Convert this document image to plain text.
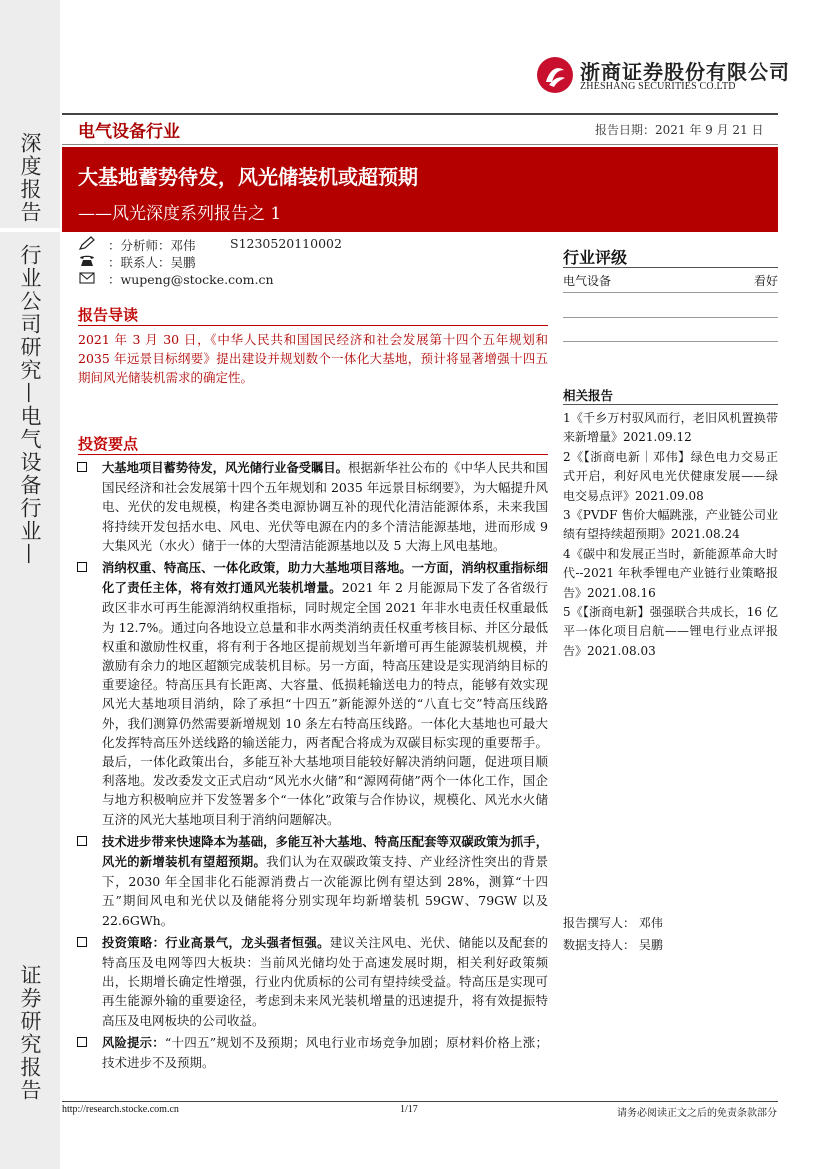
深度报告
行业公司研究—电气设备行业—
证券研究报告
浙商证券股份有限公司
ZHESHANG SECURITIES CO.LTD
电气设备行业	报告日期：2021 年 9 月 21 日
大基地蓄势待发，风光储装机或超预期
——风光深度系列报告之 1
：分析师：邓伟	S1230520110002
：联系人：吴鹏
：wupeng@stocke.com.cn
行业评级
电气设备	看好
报告导读
2021 年 3 月 30 日，《中华人民共和国国民经济和社会发展第十四个五年规划和 2035 年远景目标纲要》提出建设并规划数个一体化大基地，预计将显著增强十四五期间风光储装机需求的确定性。
投资要点
大基地项目蓄势待发，风光储行业备受瞩目。根据新华社公布的《中华人民共和国国民经济和社会发展第十四个五年规划和 2035 年远景目标纲要》，为大幅提升风电、光伏的发电规模，构建各类电源协调互补的现代化清洁能源体系，未来我国将持续开发包括水电、风电、光伏等电源在内的多个清洁能源基地，进而形成 9 大集风光（水火）储于一体的大型清洁能源基地以及 5 大海上风电基地。
消纳权重、特高压、一体化政策，助力大基地项目落地。一方面，消纳权重指标细化了责任主体，将有效打通风光装机增量。2021 年 2 月能源局下发了各省级行政区非水可再生能源消纳权重指标，同时规定全国 2021 年非水电责任权重最低为 12.7%。通过向各地设立总量和非水两类消纳责任权重考核目标、并区分最低权重和激励性权重，将有利于各地区提前规划当年新增可再生能源装机规模，并激励有余力的地区超额完成装机目标。另一方面，特高压建设是实现消纳目标的重要途径。特高压具有长距离、大容量、低损耗输送电力的特点，能够有效实现风光大基地项目消纳，除了承担“十四五”新能源外送的“八直七交”特高压线路外，我们测算仍然需要新增规划 10 条左右特高压线路。一体化大基地也可最大化发挥特高压外送线路的输送能力，两者配合将成为双碳目标实现的重要帮手。最后，一体化政策出台，多能互补大基地项目能较好解决消纳问题，促进项目顺利落地。发改委发文正式启动“风光水火储”和“源网荷储”两个一体化工作，国企与地方积极响应并下发签署多个“一体化”政策与合作协议，规模化、风光水火储互济的风光大基地项目利于消纳问题解决。
技术进步带来快速降本为基础，多能互补大基地、特高压配套等双碳政策为抓手，风光的新增装机有望超预期。我们认为在双碳政策支持、产业经济性突出的背景下，2030 年全国非化石能源消费占一次能源比例有望达到 28%，测算“十四五”期间风电和光伏以及储能将分别实现年均新增装机 59GW、79GW 以及 22.6GWh。
投资策略：行业高景气，龙头强者恒强。建议关注风电、光伏、储能以及配套的特高压及电网等四大板块：当前风光储均处于高速发展时期，相关利好政策频出，长期增长确定性增强，行业内优质标的公司有望持续受益。特高压是实现可再生能源外输的重要途径，考虑到未来风光装机增量的迅速提升，将有效提振特高压及电网板块的公司收益。
风险提示：“十四五”规划不及预期；风电行业市场竞争加剧；原材料价格上涨；技术进步不及预期。
相关报告
1《千乡万村驭风而行，老旧风机置换带来新增量》2021.09.12
2《【浙商电新｜邓伟】绿色电力交易正式开启，利好风电光伏健康发展——绿电交易点评》2021.09.08
3《PVDF 售价大幅跳涨，产业链公司业绩有望持续超预期》2021.08.24
4《碳中和发展正当时，新能源革命大时代--2021 年秋季锂电产业链行业策略报告》2021.08.16
5《【浙商电新】强强联合共成长，16 亿平一体化项目启航——锂电行业点评报告》2021.08.03
报告撰写人： 邓伟
数据支持人： 吴鹏
http://research.stocke.com.cn	1/17	请务必阅读正文之后的免责条款部分
